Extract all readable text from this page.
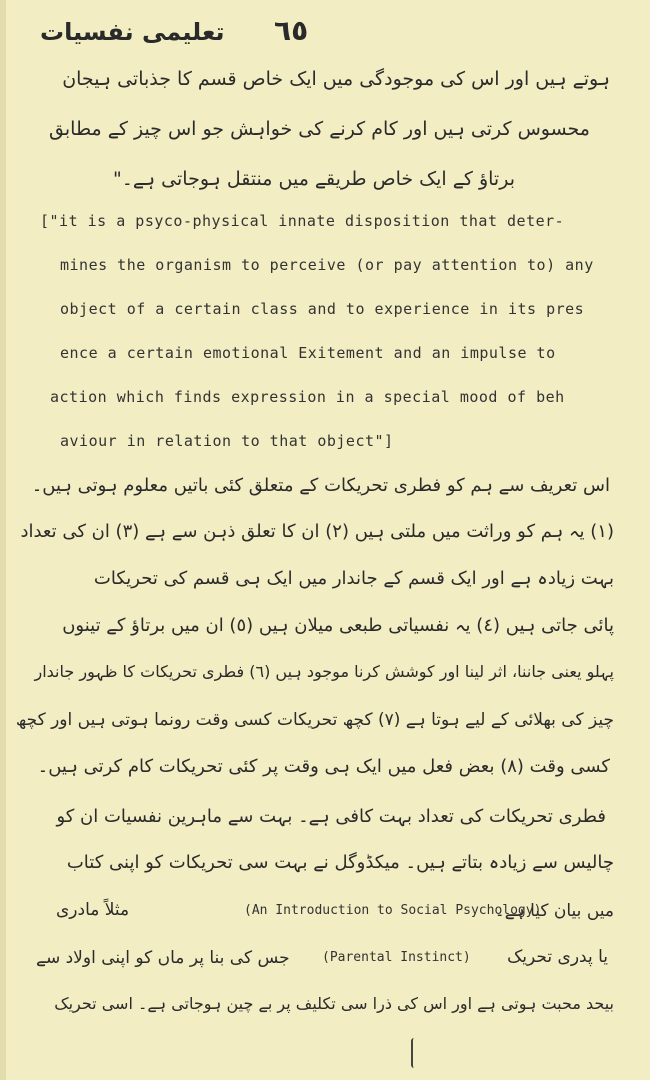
تعلیمی نفسیات ٦٥
ہوتے ہیں اور اس کی موجودگی میں ایک خاص قسم کا جذباتی ہیجان
محسوس کرتی ہیں اور کام کرنے کی خواہش جو اس چیز کے مطابق
برتاؤ کے ایک خاص طریقے میں منتقل ہوجاتی ہے۔"
["it is a psyco-physical innate disposition that deter-
mines the organism to perceive (or pay attention to) any
object of a certain class and to experience in its pres
ence a certain emotional Exitement and an impulse to
action which finds expression in a special mood of beh
aviour in relation to that object"]
اس تعریف سے ہم کو فطری تحریکات کے متعلق کئی باتیں معلوم ہوتی ہیں۔
(١) یہ ہم کو وراثت میں ملتی ہیں (٢) ان کا تعلق ذہن سے ہے (٣) ان کی تعداد
بہت زیادہ ہے اور ایک قسم کے جاندار میں ایک ہی قسم کی تحریکات
پائی جاتی ہیں (٤) یہ نفسیاتی طبعی میلان ہیں (٥) ان میں برتاؤ کے تینوں
پہلو یعنی جاننا، اثر لینا اور کوشش کرنا موجود ہیں (٦) فطری تحریکات کا ظہور جاندار
چیز کی بھلائی کے لیے ہوتا ہے (٧) کچھ تحریکات کسی وقت رونما ہوتی ہیں اور کچھ
کسی وقت (٨) بعض فعل میں ایک ہی وقت پر کئی تحریکات کام کرتی ہیں۔
فطری تحریکات کی تعداد بہت کافی ہے۔ بہت سے ماہرین نفسیات ان کو
چالیس سے زیادہ بتاتے ہیں۔ میکڈوگل نے بہت سی تحریکات کو اپنی کتاب
میں بیان کیا ہے۔
(An Introduction to Social Psychology)
مثلاً مادری
یا پدری تحریک
(Parental Instinct)
جس کی بنا پر ماں کو اپنی اولاد سے
بیحد محبت ہوتی ہے اور اس کی ذرا سی تکلیف پر بے چین ہوجاتی ہے۔ اسی تحریک
